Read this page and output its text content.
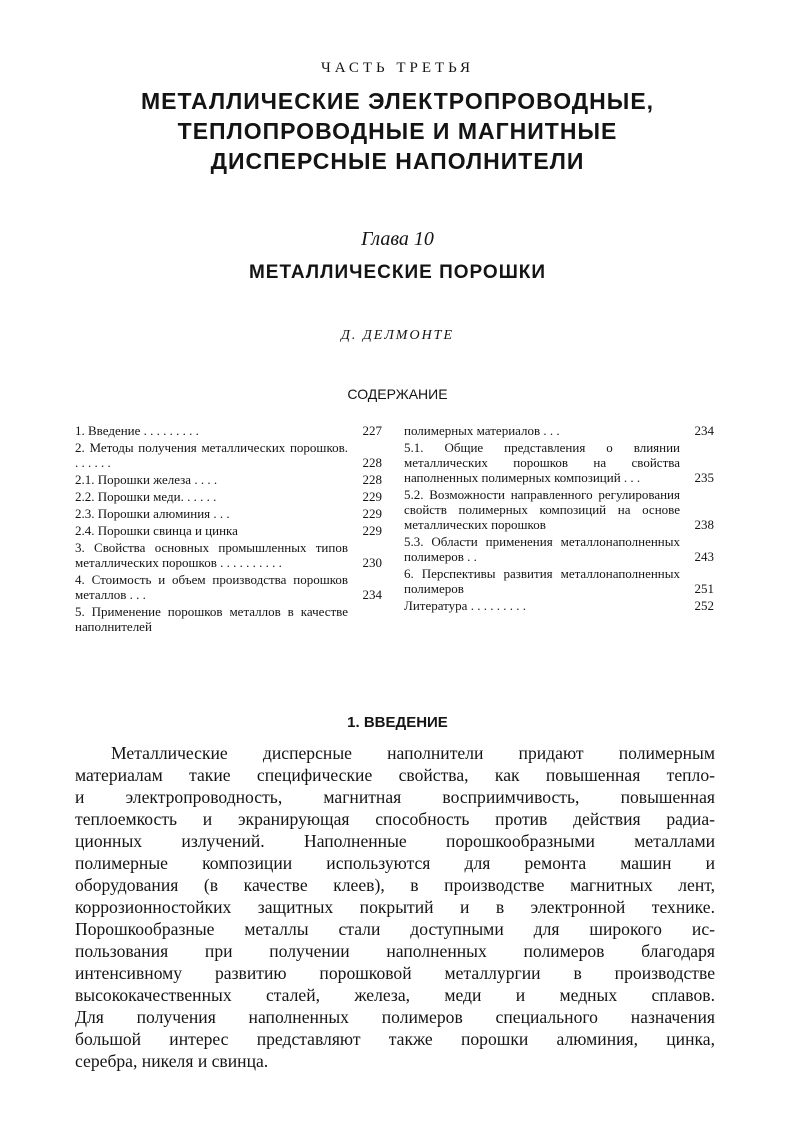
ЧАСТЬ ТРЕТЬЯ
МЕТАЛЛИЧЕСКИЕ ЭЛЕКТРОПРОВОДНЫЕ,
ТЕПЛОПРОВОДНЫЕ И МАГНИТНЫЕ
ДИСПЕРСНЫЕ НАПОЛНИТЕЛИ
Глава 10
МЕТАЛЛИЧЕСКИЕ ПОРОШКИ
Д. ДЕЛМОНТЕ
СОДЕРЖАНИЕ
1. Введение . . . . . . . . .	227
2. Методы получения металлических порошков. . . . . . .	228
2.1. Порошки железа . . . .	228
2.2. Порошки меди. . . . . .	229
2.3. Порошки алюминия . . .	229
2.4. Порошки свинца и цинка	229
3. Свойства основных промышленных типов металлических порошков . . . . . . . . . .	230
4. Стоимость и объем производства порошков металлов . . .	234
5. Применение порошков металлов в качестве наполнителей
полимерных материалов . . .	234
5.1. Общие представления о влиянии металлических порошков на свойства наполненных полимерных композиций . . .	235
5.2. Возможности направленного регулирования свойств полимерных композиций на основе металлических порошков	238
5.3. Области применения металлонаполненных полимеров . .	243
6. Перспективы развития металлонаполненных полимеров	251
Литература . . . . . . . . .	252
1. ВВЕДЕНИЕ
Металлические дисперсные наполнители придают полимерным
материалам такие специфические свойства, как повышенная тепло-
и электропроводность, магнитная восприимчивость, повышенная
теплоемкость и экранирующая способность против действия радиа-
ционных излучений. Наполненные порошкообразными металлами
полимерные композиции используются для ремонта машин и
оборудования (в качестве клеев), в производстве магнитных лент,
коррозионностойких защитных покрытий и в электронной технике.
Порошкообразные металлы стали доступными для широкого ис-
пользования при получении наполненных полимеров благодаря
интенсивному развитию порошковой металлургии в производстве
высококачественных сталей, железа, меди и медных сплавов.
Для получения наполненных полимеров специального назначения
большой интерес представляют также порошки алюминия, цинка,
серебра, никеля и свинца.
